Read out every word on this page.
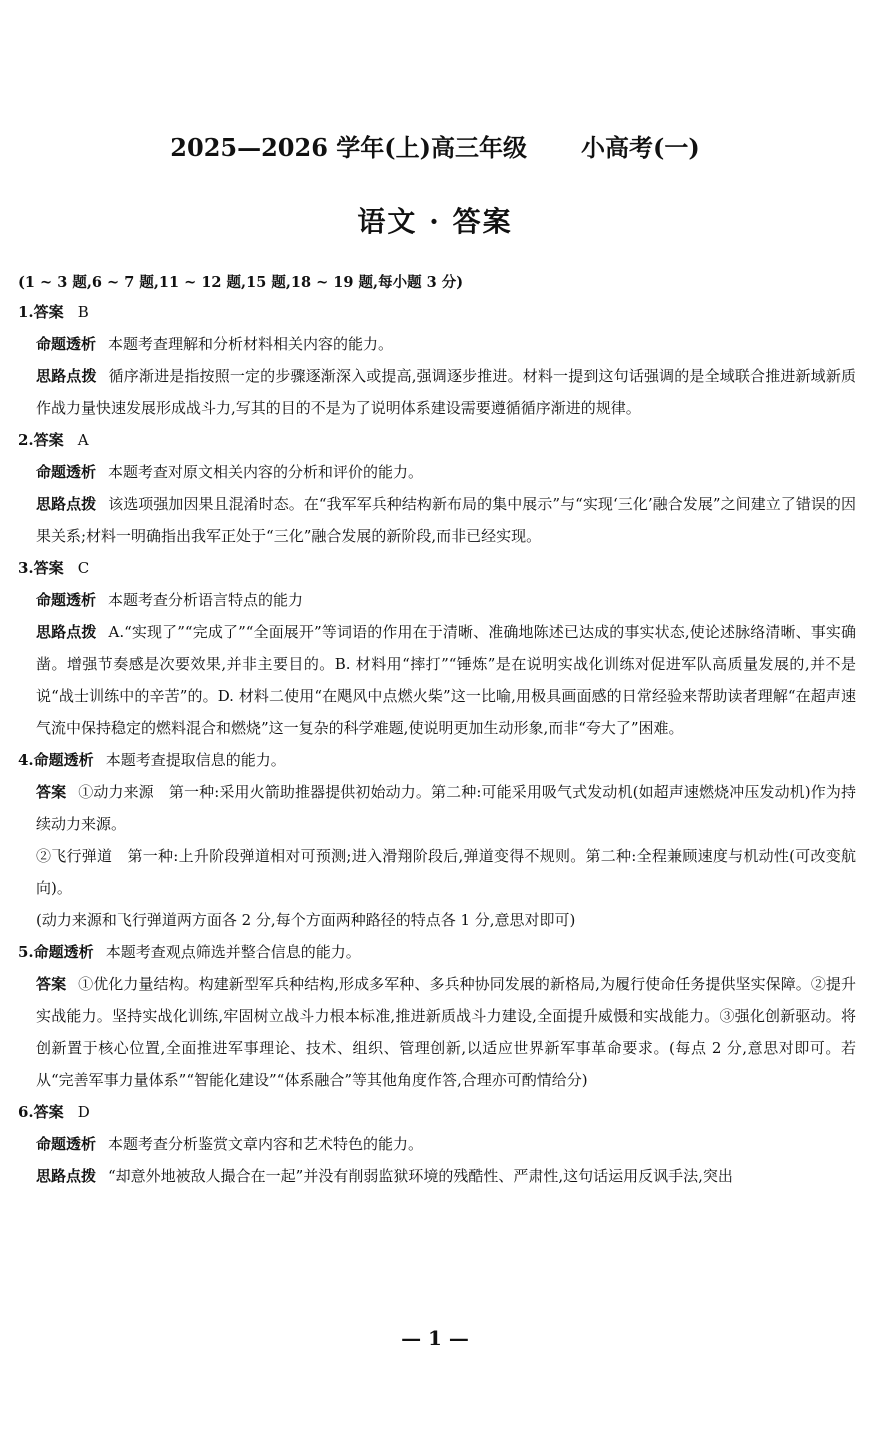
2025—2026 学年(上)高三年级 小高考(一)
语文 · 答案
(1 ~ 3 题,6 ~ 7 题,11 ~ 12 题,15 题,18 ~ 19 题,每小题 3 分)
1.答案 B
命题透析 本题考查理解和分析材料相关内容的能力。
思路点拨 循序渐进是指按照一定的步骤逐渐深入或提高,强调逐步推进。材料一提到这句话强调的是全域联合推进新域新质作战力量快速发展形成战斗力,写其的目的不是为了说明体系建设需要遵循循序渐进的规律。
2.答案 A
命题透析 本题考查对原文相关内容的分析和评价的能力。
思路点拨 该选项强加因果且混淆时态。在“我军军兵种结构新布局的集中展示”与“实现‘三化’融合发展”之间建立了错误的因果关系;材料一明确指出我军正处于“三化”融合发展的新阶段,而非已经实现。
3.答案 C
命题透析 本题考查分析语言特点的能力
思路点拨 A.“实现了”“完成了”“全面展开”等词语的作用在于清晰、准确地陈述已达成的事实状态,使论述脉络清晰、事实确凿。增强节奏感是次要效果,并非主要目的。B. 材料用“摔打”“锤炼”是在说明实战化训练对促进军队高质量发展的,并不是说“战士训练中的辛苦”的。D. 材料二使用“在飓风中点燃火柴”这一比喻,用极具画面感的日常经验来帮助读者理解“在超声速气流中保持稳定的燃料混合和燃烧”这一复杂的科学难题,使说明更加生动形象,而非“夸大了”困难。
4.命题透析 本题考查提取信息的能力。
答案 ①动力来源　第一种:采用火箭助推器提供初始动力。第二种:可能采用吸气式发动机(如超声速燃烧冲压发动机)作为持续动力来源。
②飞行弹道　第一种:上升阶段弹道相对可预测;进入滑翔阶段后,弹道变得不规则。第二种:全程兼顾速度与机动性(可改变航向)。
(动力来源和飞行弹道两方面各 2 分,每个方面两种路径的特点各 1 分,意思对即可)
5.命题透析 本题考查观点筛选并整合信息的能力。
答案 ①优化力量结构。构建新型军兵种结构,形成多军种、多兵种协同发展的新格局,为履行使命任务提供坚实保障。②提升实战能力。坚持实战化训练,牢固树立战斗力根本标准,推进新质战斗力建设,全面提升威慑和实战能力。③强化创新驱动。将创新置于核心位置,全面推进军事理论、技术、组织、管理创新,以适应世界新军事革命要求。(每点 2 分,意思对即可。若从“完善军事力量体系”“智能化建设”“体系融合”等其他角度作答,合理亦可酌情给分)
6.答案 D
命题透析 本题考查分析鉴赏文章内容和艺术特色的能力。
思路点拨 “却意外地被敌人撮合在一起”并没有削弱监狱环境的残酷性、严肃性,这句话运用反讽手法,突出
— 1 —
